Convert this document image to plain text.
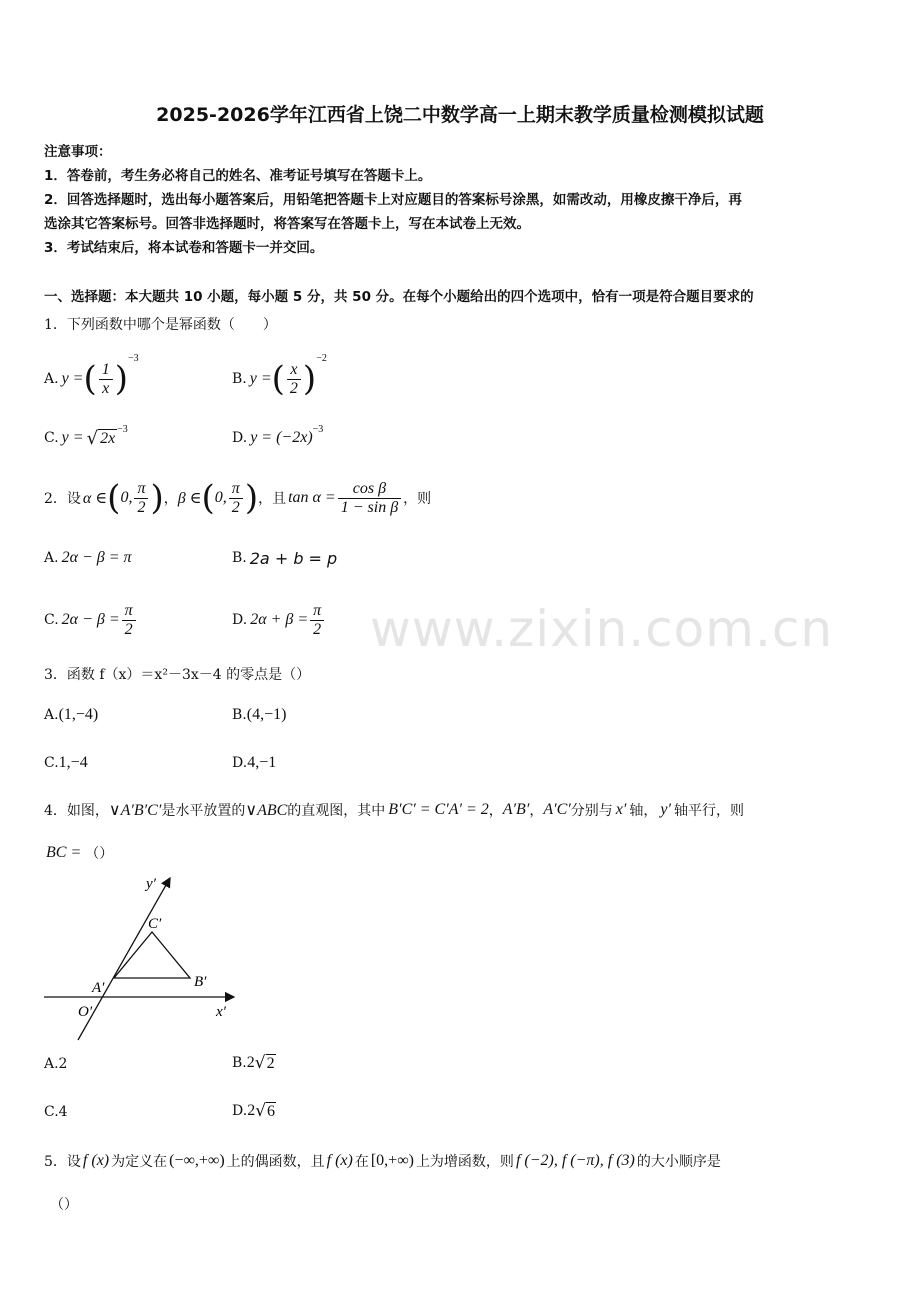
2025-2026学年江西省上饶二中数学高一上期末教学质量检测模拟试题
注意事项：
1．答卷前，考生务必将自己的姓名、准考证号填写在答题卡上。
2．回答选择题时，选出每小题答案后，用铅笔把答题卡上对应题目的答案标号涂黑，如需改动，用橡皮擦干净后，再
选涂其它答案标号。回答非选择题时，将答案写在答题卡上，写在本试卷上无效。
3．考试结束后，将本试卷和答题卡一并交回。
一、选择题：本大题共 10 小题，每小题 5 分，共 50 分。在每个小题给出的四个选项中，恰有一项是符合题目要求的
1．下列函数中哪个是幂函数（　　）
A. y = ( $\frac{1}{x}$ )
−3
B. y = ( $\frac{x}{2}$ )
−2
C. y = √ 2x −3
D. y = (−2x) −3
2．设 α ∈ ( 0, $\frac{\pi}{2}$ ) ， β ∈ ( 0, $\frac{\pi}{2}$ ) ，且 $\tan \alpha = \frac{\text{cos β}}{\text{1 − sin β}}$ ，则
A. 2α − β = π	B. 2a + b = p
C. $2\alpha - \beta = \frac{\pi}{2}$	D. $2\alpha + \beta = \frac{\pi}{2}$ www.zixin.com.cn
3．函数 f（x）＝x²－3x－4 的零点是（）
A.(1,−4)	B.(4,−1)
C.1,−4	D.4,−1
4．如图， ∨A′B′C′ 是水平放置的 ∨ABC 的直观图，其中 B′C′ = C′A′ = 2 ， A′B′ ， A′C′ 分别与 x′ 轴， y′ 轴平行，则
BC = （）
y′
C′
B′
A′
O′	x′
A.2	B. 2 √ 2
C.4	D. 2 √ 6
5．设 f (x) 为定义在 (−∞,+∞) 上的偶函数，且 f (x) 在 [0,+∞) 上为增函数，则 f (−2), f (−π), f (3) 的大小顺序是
（）
